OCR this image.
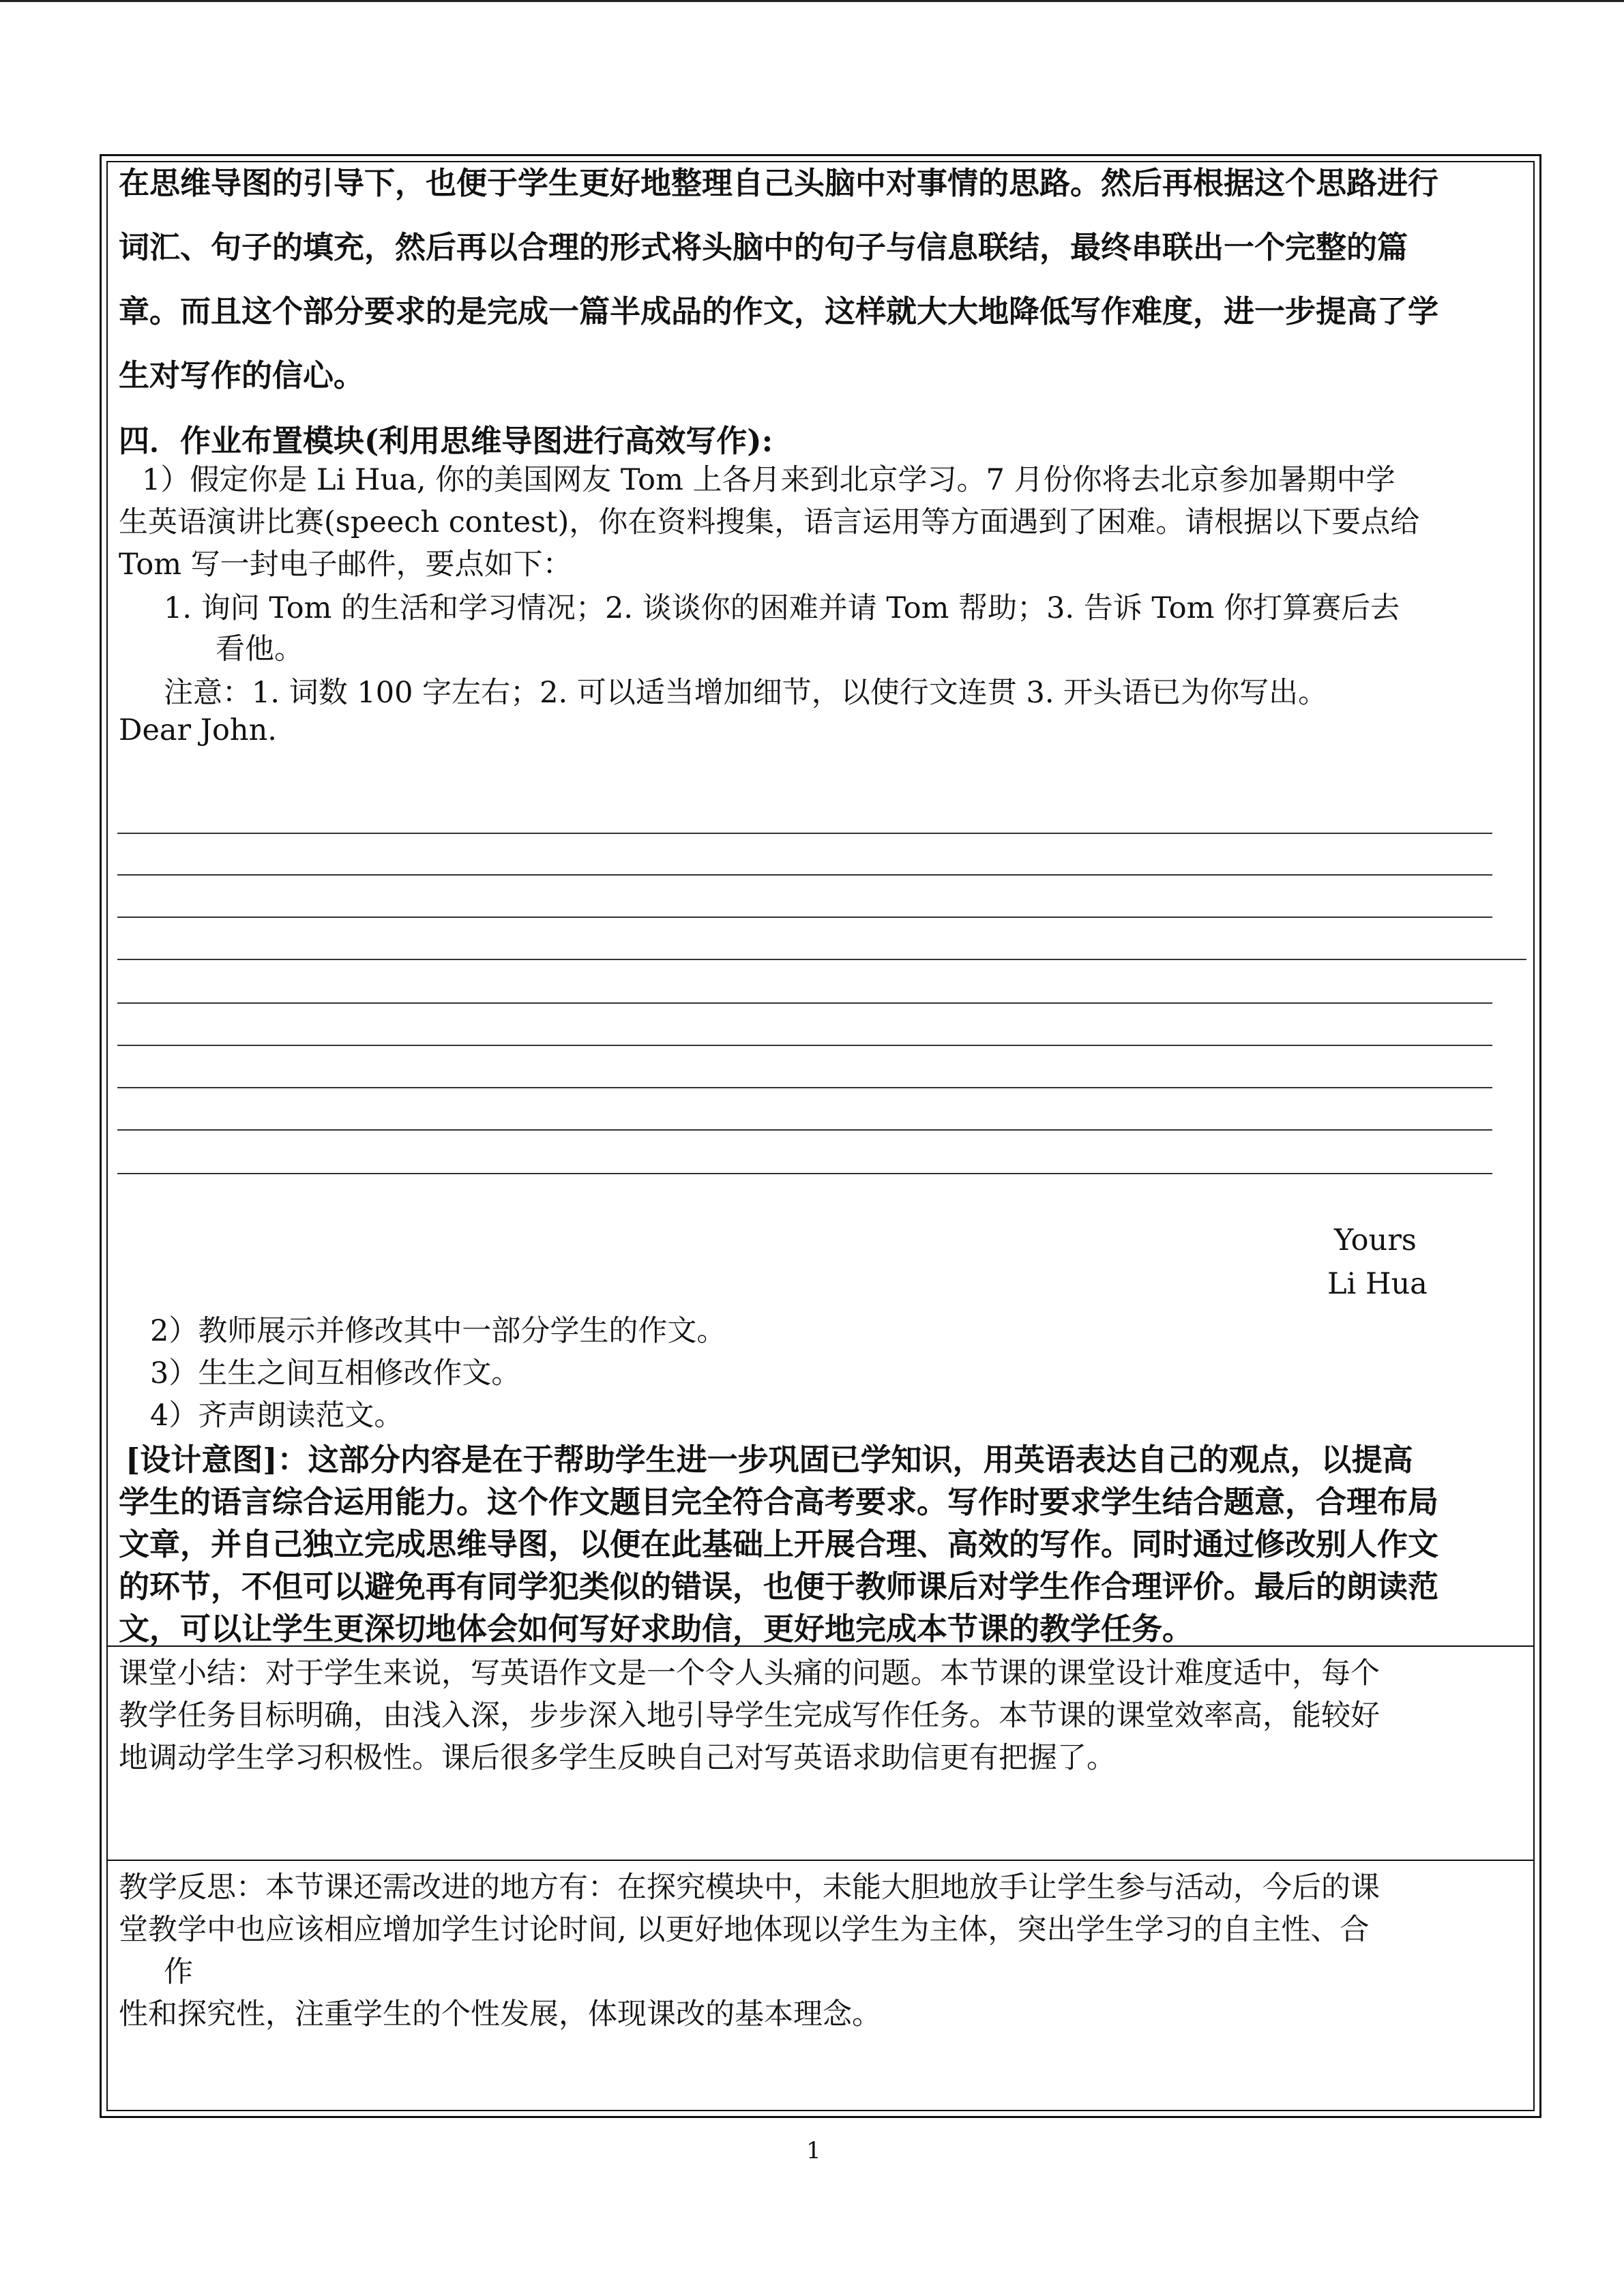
在思维导图的引导下，也便于学生更好地整理自己头脑中对事情的思路。然后再根据这个思路进行
词汇、句子的填充，然后再以合理的形式将头脑中的句子与信息联结，最终串联出一个完整的篇
章。而且这个部分要求的是完成一篇半成品的作文，这样就大大地降低写作难度，进一步提高了学
生对写作的信心。
四．作业布置模块(利用思维导图进行高效写作):
1）假定你是 Li Hua, 你的美国网友 Tom 上各月来到北京学习。7 月份你将去北京参加暑期中学
生英语演讲比赛(speech contest)，你在资料搜集，语言运用等方面遇到了困难。请根据以下要点给
Tom 写一封电子邮件，要点如下：
1. 询问 Tom 的生活和学习情况；2. 谈谈你的困难并请 Tom 帮助；3. 告诉 Tom 你打算赛后去
看他。
注意：1. 词数 100 字左右；2. 可以适当增加细节，以使行文连贯 3. 开头语已为你写出。
Dear John.
Yours
Li Hua
2）教师展示并修改其中一部分学生的作文。
3）生生之间互相修改作文。
4）齐声朗读范文。
[设计意图]：这部分内容是在于帮助学生进一步巩固已学知识，用英语表达自己的观点，以提高
学生的语言综合运用能力。这个作文题目完全符合高考要求。写作时要求学生结合题意，合理布局
文章，并自己独立完成思维导图，以便在此基础上开展合理、高效的写作。同时通过修改别人作文
的环节，不但可以避免再有同学犯类似的错误，也便于教师课后对学生作合理评价。最后的朗读范
文，可以让学生更深切地体会如何写好求助信，更好地完成本节课的教学任务。
课堂小结：对于学生来说，写英语作文是一个令人头痛的问题。本节课的课堂设计难度适中，每个
教学任务目标明确，由浅入深，步步深入地引导学生完成写作任务。本节课的课堂效率高，能较好
地调动学生学习积极性。课后很多学生反映自己对写英语求助信更有把握了。
教学反思：本节课还需改进的地方有：在探究模块中，未能大胆地放手让学生参与活动，今后的课
堂教学中也应该相应增加学生讨论时间, 以更好地体现以学生为主体，突出学生学习的自主性、合
作
性和探究性，注重学生的个性发展，体现课改的基本理念。
1
